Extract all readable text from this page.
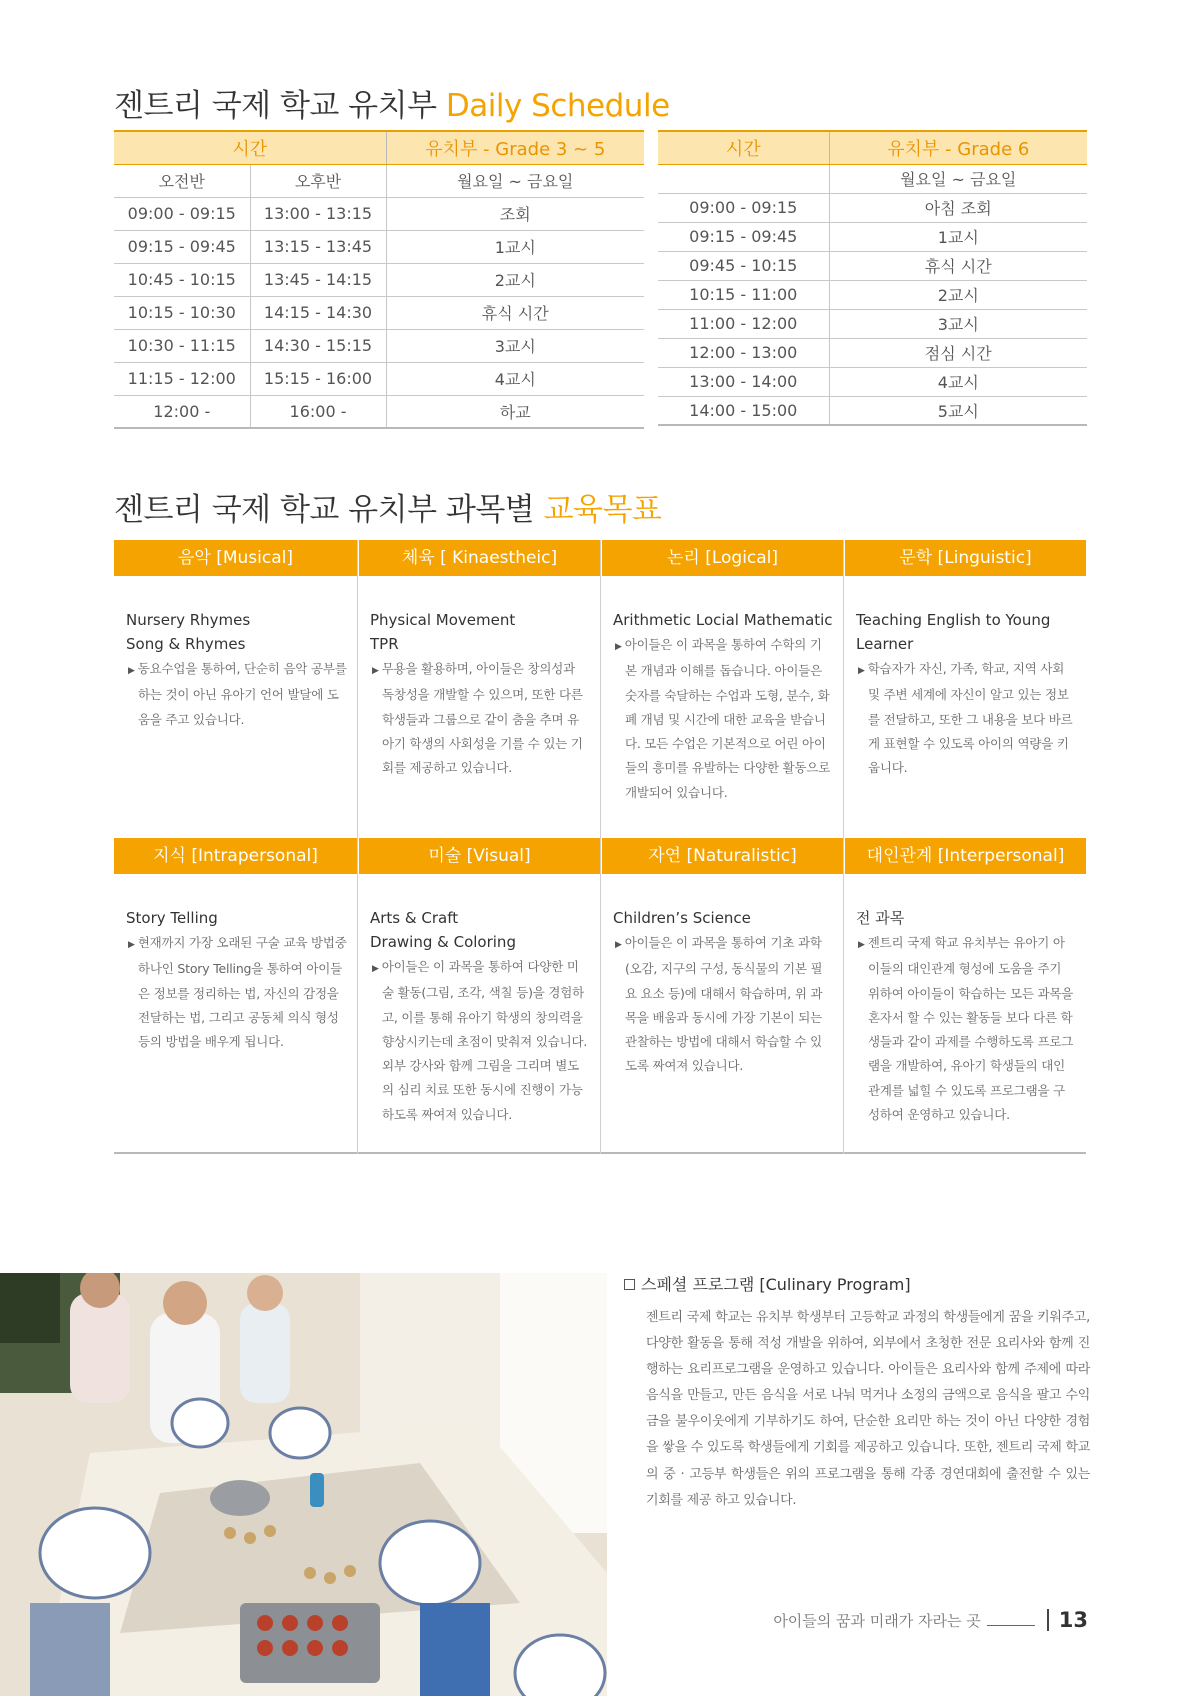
젠트리 국제 학교 유치부 Daily Schedule
시간		유치부 - Grade 3 ~ 5
오전반	오후반	월요일 ~ 금요일
09:00 - 09:15	13:00 - 13:15	조회
09:15 - 09:45	13:15 - 13:45	1교시
10:45 - 10:15	13:45 - 14:15	2교시
10:15 - 10:30	14:15 - 14:30	휴식 시간
10:30 - 11:15	14:30 - 15:15	3교시
11:15 - 12:00	15:15 - 16:00	4교시
12:00 -	16:00 -	하교
시간	유치부 - Grade 6
	월요일 ~ 금요일
09:00 - 09:15	아침 조회
09:15 - 09:45	1교시
09:45 - 10:15	휴식 시간
10:15 - 11:00	2교시
11:00 - 12:00	3교시
12:00 - 13:00	점심 시간
13:00 - 14:00	4교시
14:00 - 15:00	5교시
젠트리 국제 학교 유치부 과목별 교육목표
음악 [Musical]
Nursery Rhymes
Song & Rhymes
▶ 동요수업을 통하여, 단순히 음악 공부를 하는 것이 아닌 유아기 언어 발달에 도움을 주고 있습니다.
체육 [ Kinaestheic]
Physical Movement
TPR
▶ 무용을 활용하며, 아이들은 창의성과 독창성을 개발할 수 있으며, 또한 다른 학생들과 그룹으로 같이 춤을 추며 유아기 학생의 사회성을 기를 수 있는 기회를 제공하고 있습니다.
논리 [Logical]
Arithmetic Locial Mathematic
▶ 아이들은 이 과목을 통하여 수학의 기본 개념과 이해를 돕습니다. 아이들은 숫자를 숙달하는 수업과 도형, 분수, 화폐 개념 및 시간에 대한 교육을 받습니다. 모든 수업은 기본적으로 어린 아이들의 흥미를 유발하는 다양한 활동으로 개발되어 있습니다.
문학 [Linguistic]
Teaching English to Young
Learner
▶ 학습자가 자신, 가족, 학교, 지역 사회 및 주변 세계에 자신이 알고 있는 정보를 전달하고, 또한 그 내용을 보다 바르게 표현할 수 있도록 아이의 역량을 키웁니다.
지식 [Intrapersonal]
Story Telling
▶ 현재까지 가장 오래된 구술 교육 방법중 하나인 Story Telling을 통하여 아이들은 정보를 정리하는 법, 자신의 감정을 전달하는 법, 그리고 공동체 의식 형성 등의 방법을 배우게 됩니다.
미술 [Visual]
Arts & Craft
Drawing & Coloring
▶ 아이들은 이 과목을 통하여 다양한 미술 활동(그림, 조각, 색칠 등)을 경험하고, 이를 통해 유아기 학생의 창의력을 향상시키는데 초점이 맞춰져 있습니다. 외부 강사와 함께 그림을 그리며 별도의 심리 치료 또한 동시에 진행이 가능하도록 짜여져 있습니다.
자연 [Naturalistic]
Children’s Science
▶ 아이들은 이 과목을 통하여 기초 과학(오감, 지구의 구성, 동식물의 기본 필요 요소 등)에 대해서 학습하며, 위 과목을 배움과 동시에 가장 기본이 되는 관찰하는 방법에 대해서 학습할 수 있도록 짜여져 있습니다.
대인관계 [Interpersonal]
전 과목
▶ 젠트리 국제 학교 유치부는 유아기 아이들의 대인관계 형성에 도움을 주기 위하여 아이들이 학습하는 모든 과목을 혼자서 할 수 있는 활동들 보다 다른 학생들과 같이 과제를 수행하도록 프로그램을 개발하여, 유아기 학생들의 대인관계를 넓힐 수 있도록 프로그램을 구성하여 운영하고 있습니다.
스페셜 프로그램 [Culinary Program]

젠트리 국제 학교는 유치부 학생부터 고등학교 과정의 학생들에게 꿈을 키워주고, 다양한 활동을 통해 적성 개발을 위하여, 외부에서 초청한 전문 요리사와 함께 진행하는 요리프로그램을 운영하고 있습니다. 아이들은 요리사와 함께 주제에 따라 음식을 만들고, 만든 음식을 서로 나눠 먹거나 소정의 금액으로 음식을 팔고 수익금을 불우이웃에게 기부하기도 하여, 단순한 요리만 하는 것이 아닌 다양한 경험을 쌓을 수 있도록 학생들에게 기회를 제공하고 있습니다. 또한, 젠트리 국제 학교의 중 · 고등부 학생들은 위의 프로그램을 통해 각종 경연대회에 출전할 수 있는 기회를 제공 하고 있습니다.

아이들의 꿈과 미래가 자라는 곳	13
